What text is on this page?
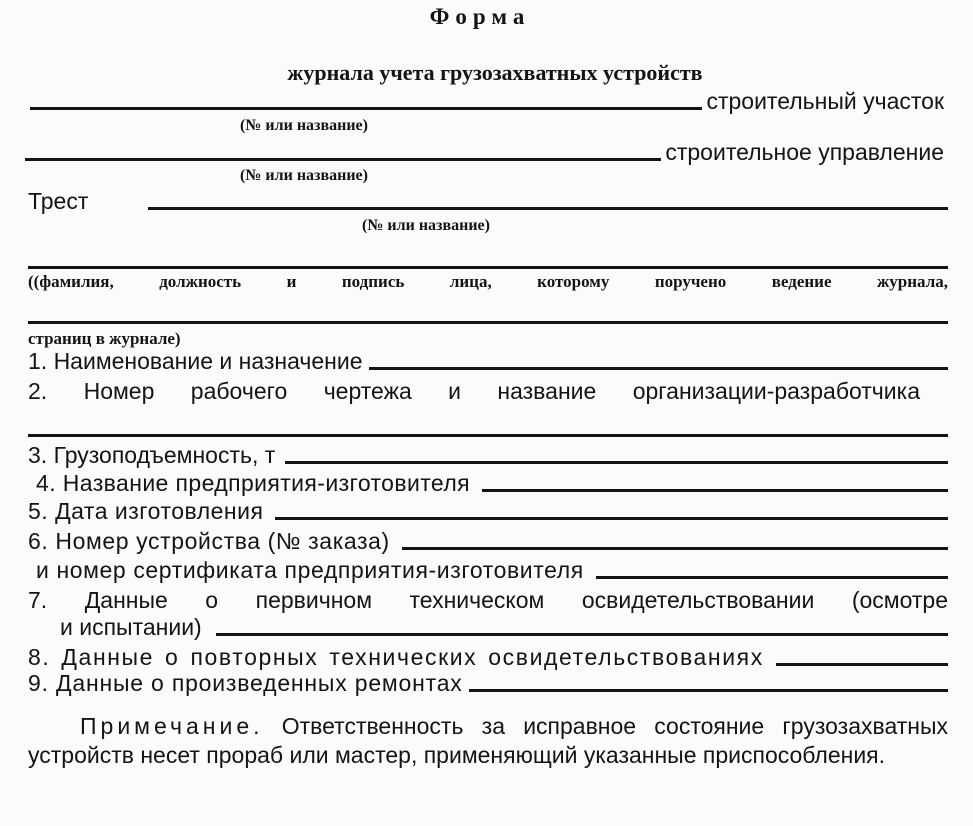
Форма
журнала учета грузозахватных устройств
строительный участок
(№ или название)
строительное управление
(№ или название)
Трест
(№ или название)
((фамилия, должность и подпись лица, которому поручено ведение журнала,
страниц в журнале)
1. Наименование и назначение
2. Номер рабочего чертежа и название организации-разработчика
3. Грузоподъемность, т
4. Название предприятия-изготовителя
5. Дата изготовления
6. Номер устройства (№ заказа)
и номер сертификата предприятия-изготовителя
7. Данные о первичном техническом освидетельствовании (осмотре
и испытании)
8. Данные о повторных технических освидетельствованиях
9. Данные о произведенных ремонтах
Примечание. Ответственность за исправное состояние грузозахватных устройств несет прораб или мастер, применяющий указанные приспособления.
